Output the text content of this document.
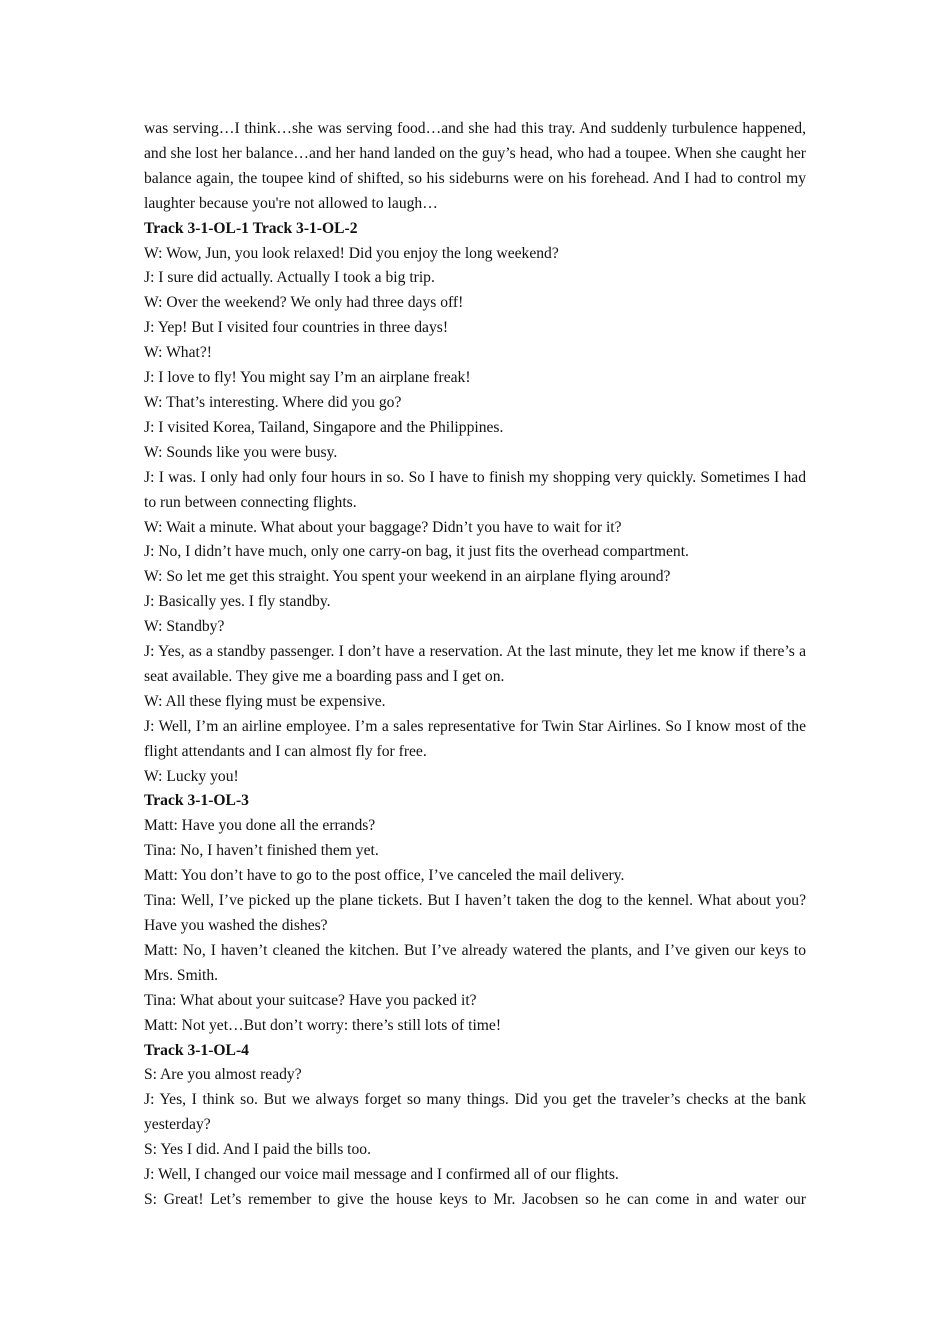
was serving…I think…she was serving food…and she had this tray. And suddenly turbulence happened, and she lost her balance…and her hand landed on the guy’s head, who had a toupee. When she caught her balance again, the toupee kind of shifted, so his sideburns were on his forehead. And I had to control my laughter because you're not allowed to laugh…

Track 3-1-OL-1 Track 3-1-OL-2

W: Wow, Jun, you look relaxed! Did you enjoy the long weekend?

J: I sure did actually. Actually I took a big trip.

W: Over the weekend? We only had three days off!

J: Yep! But I visited four countries in three days!

W: What?!

J: I love to fly! You might say I’m an airplane freak!

W: That’s interesting. Where did you go?

J: I visited Korea, Tailand, Singapore and the Philippines.

W: Sounds like you were busy.

J: I was. I only had only four hours in so. So I have to finish my shopping very quickly. Sometimes I had to run between connecting flights.

W: Wait a minute. What about your baggage? Didn’t you have to wait for it?

J: No, I didn’t have much, only one carry-on bag, it just fits the overhead compartment.

W: So let me get this straight. You spent your weekend in an airplane flying around?

J: Basically yes. I fly standby.

W: Standby?

J: Yes, as a standby passenger. I don’t have a reservation. At the last minute, they let me know if there’s a seat available. They give me a boarding pass and I get on.

W: All these flying must be expensive.

J: Well, I’m an airline employee. I’m a sales representative for Twin Star Airlines. So I know most of the flight attendants and I can almost fly for free.

W: Lucky you!

Track 3-1-OL-3

Matt: Have you done all the errands?

Tina: No, I haven’t finished them yet.

Matt: You don’t have to go to the post office, I’ve canceled the mail delivery.

Tina: Well, I’ve picked up the plane tickets. But I haven’t taken the dog to the kennel. What about you? Have you washed the dishes?

Matt: No, I haven’t cleaned the kitchen. But I’ve already watered the plants, and I’ve given our keys to Mrs. Smith.

Tina: What about your suitcase? Have you packed it?

Matt: Not yet…But don’t worry: there’s still lots of time!

Track 3-1-OL-4

S: Are you almost ready?

J: Yes, I think so. But we always forget so many things. Did you get the traveler’s checks at the bank yesterday?

S: Yes I did. And I paid the bills too.

J: Well, I changed our voice mail message and I confirmed all of our flights.

S: Great! Let’s remember to give the house keys to Mr. Jacobsen so he can come in and water our
